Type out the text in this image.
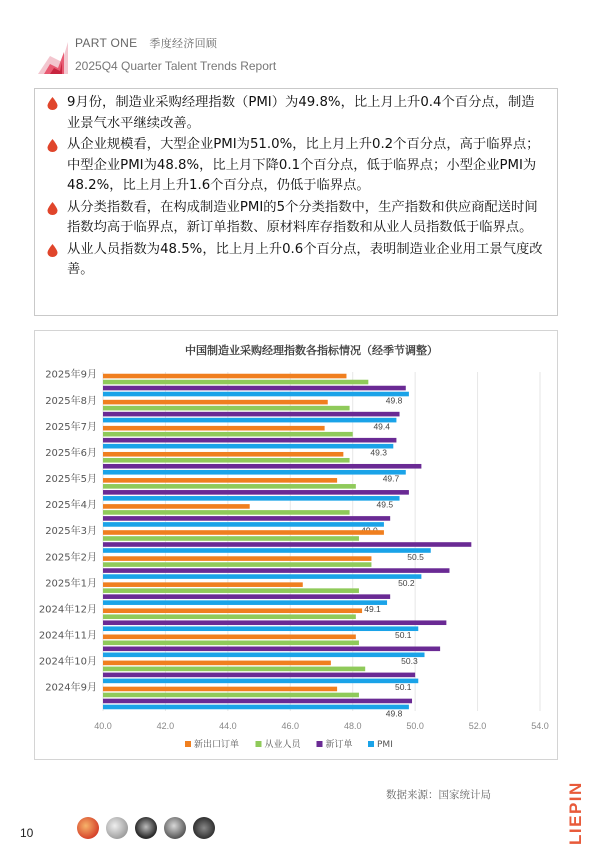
PART ONE 季度经济回顾
2025Q4 Quarter Talent Trends Report
9月份，制造业采购经理指数（PMI）为49.8%，比上月上升0.4个百分点，制造业景气水平继续改善。
从企业规模看，大型企业PMI为51.0%，比上月上升0.2个百分点，高于临界点；中型企业PMI为48.8%，比上月下降0.1个百分点，低于临界点；小型企业PMI为48.2%，比上月上升1.6个百分点，仍低于临界点。
从分类指数看，在构成制造业PMI的5个分类指数中，生产指数和供应商配送时间指数均高于临界点，新订单指数、原材料库存指数和从业人员指数低于临界点。
从业人员指数为48.5%，比上月上升0.6个百分点，表明制造业企业用工景气度改善。
中国制造业采购经理指数各指标情况（经季节调整）
40.0	42.0	44.0	46.0	48.0	50.0	52.0	54.0
2025年9月
49.8
2025年8月
49.4
2025年7月
49.3
2025年6月
49.7
2025年5月
49.5
2025年4月
2025年3月
50.5
2025年2月
50.2
2025年1月
49.1
2024年12月
50.1
2024年11月
50.3
2024年10月
50.1
2024年9月
49.8
新出口订单	从业人员	新订单	PMI
数据来源：国家统计局	LIEPIN
10
